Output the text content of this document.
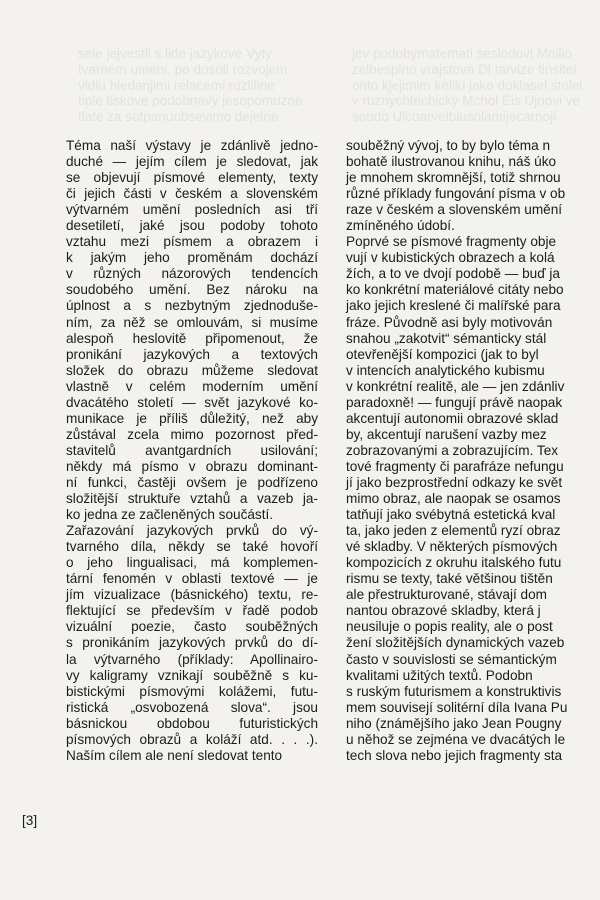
sele jejvestli s lide jazykove Vyty
tvarnem umeni, po dosoli rozvojem
vidiu hledanjimi relacemi rozliline
tiple tiskove podobnavy jesopomuzne
tlate za sotpanuobsevimo dejelrie
jev podobymatemati sesledovi Mnilio
zelbesplno vrajstova Dl tarvize tinsitel
onto kjejimim kelilu jako doklasel stolel
v ruznychtechicky Mchol Eis Ujriovi ve
soudo Ulcoarvelblusolamijecarnoji
Téma naší výstavy je zdánlivě jedno-
duché — jejím cílem je sledovat, jak
se objevují písmové elementy, texty
či jejich části v českém a slovenském
výtvarném umění posledních asi tří
desetiletí, jaké jsou podoby tohoto
vztahu mezi písmem a obrazem i
k jakým jeho proměnám dochází
v různých názorových tendencích
soudobého umění. Bez nároku na
úplnost a s nezbytným zjednoduše-
ním, za něž se omlouvám, si musíme
alespoň heslovitě připomenout, že
pronikání jazykových a textových
složek do obrazu můžeme sledovat
vlastně v celém moderním umění
dvacátého století — svět jazykové ko-
munikace je příliš důležitý, než aby
zůstával zcela mimo pozornost před-
stavitelů avantgardních usilování;
někdy má písmo v obrazu dominant-
ní funkci, častěji ovšem je podřízeno
složitější struktuře vztahů a vazeb ja-
ko jedna ze začleněných součástí.
Zařazování jazykových prvků do vý-
tvarného díla, někdy se také hovoří
o jeho lingualisaci, má komplemen-
tární fenomén v oblasti textové — je
jím vizualizace (básnického) textu, re-
flektující se především v řadě podob
vizuální poezie, často souběžných
s pronikáním jazykových prvků do dí-
la výtvarného (příklady: Apollinairo-
vy kaligramy vznikají souběžně s ku-
bistickými písmovými kolážemi, futu-
ristická „osvobozená slova“. jsou
básnickou obdobou futuristických
písmových obrazů a koláží atd. . . .).
Naším cílem ale není sledovat tento
souběžný vývoj, to by bylo téma n
bohatě ilustrovanou knihu, náš úko
je mnohem skromnější, totiž shrnou
různé příklady fungování písma v ob
raze v českém a slovenském umění
zmíněného údobí.
Poprvé se písmové fragmenty obje
vují v kubistických obrazech a kolá
žích, a to ve dvojí podobě — buď ja
ko konkrétní materiálové citáty nebo
jako jejich kreslené či malířské para
fráze. Původně asi byly motivován
snahou „zakotvit“ sémanticky stál
otevřenější kompozici (jak to byl
v intencích analytického kubismu
v konkrétní realitě, ale — jen zdánliv
paradoxně! — fungují právě naopak
akcentují autonomii obrazové sklad
by, akcentují narušení vazby mez
zobrazovanými a zobrazujícím. Tex
tové fragmenty či parafráze nefungu
jí jako bezprostřední odkazy ke svět
mimo obraz, ale naopak se osamos
tatňují jako svébytná estetická kval
ta, jako jeden z elementů ryzí obraz
vé skladby. V některých písmových
kompozicích z okruhu italského futu
rismu se texty, také většinou tištěn
ale přestrukturované, stávají dom
nantou obrazové skladby, která j
neusiluje o popis reality, ale o post
žení složitějších dynamických vazeb
často v souvislosti se sémantickým
kvalitami užitých textů. Podobn
s ruským futurismem a konstruktivis
mem souvisejí solitérní díla Ivana Pu
niho (známějšího jako Jean Pougny
u něhož se zejména ve dvacátých le
tech slova nebo jejich fragmenty sta
[3]
